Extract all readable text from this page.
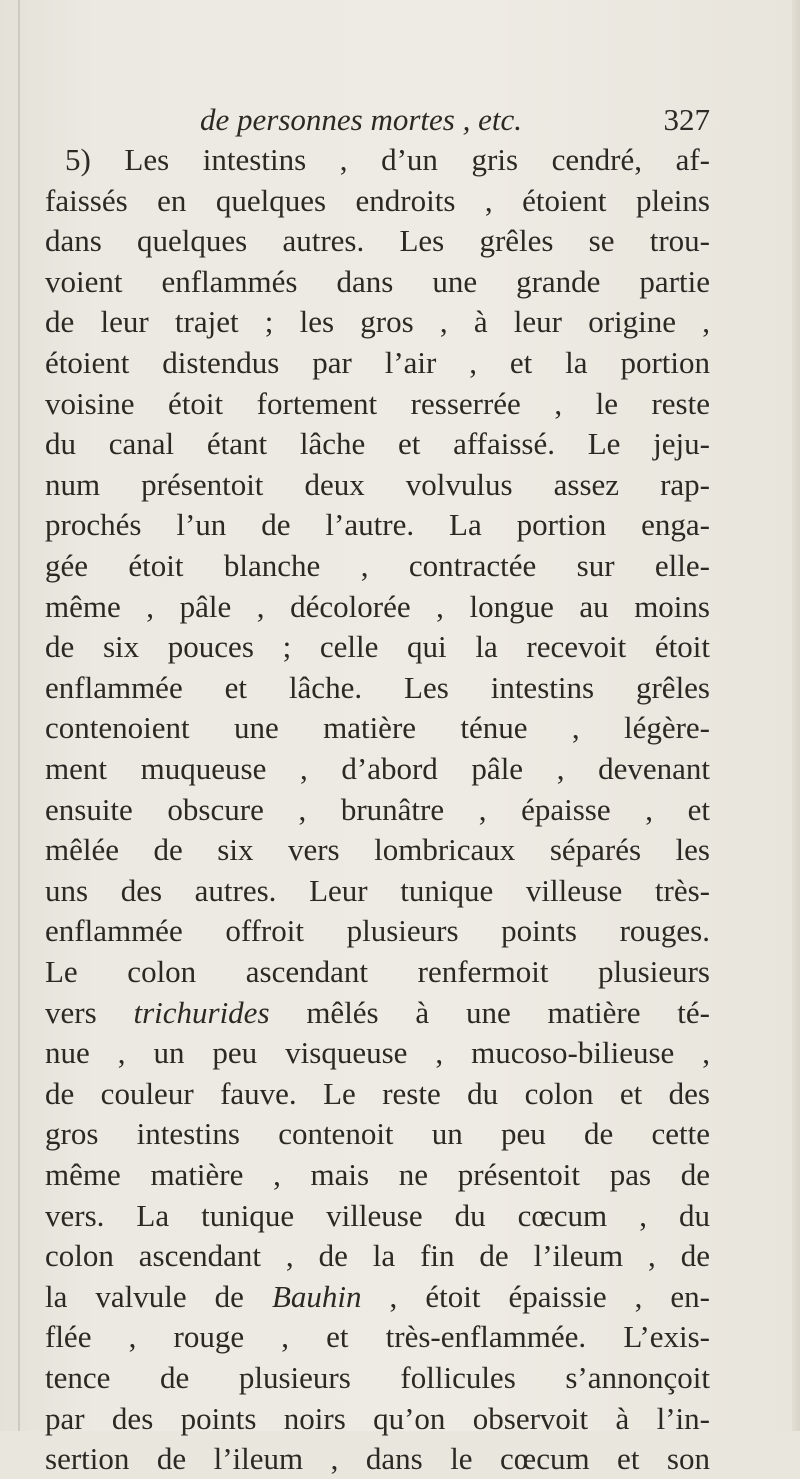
de personnes mortes , etc.	327
5) Les intestins , d’un gris cendré, af-
faissés en quelques endroits , étoient pleins
dans quelques autres. Les grêles se trou-
voient enflammés dans une grande partie
de leur trajet ; les gros , à leur origine ,
étoient distendus par l’air , et la portion
voisine étoit fortement resserrée , le reste
du canal étant lâche et affaissé. Le jeju-
num présentoit deux volvulus assez rap-
prochés l’un de l’autre. La portion enga-
gée étoit blanche , contractée sur elle-
même , pâle , décolorée , longue au moins
de six pouces ; celle qui la recevoit étoit
enflammée et lâche. Les intestins grêles
contenoient une matière ténue , légère-
ment muqueuse , d’abord pâle , devenant
ensuite obscure , brunâtre , épaisse , et
mêlée de six vers lombricaux séparés les
uns des autres. Leur tunique villeuse très-
enflammée offroit plusieurs points rouges.
Le colon ascendant renfermoit plusieurs
vers trichurides mêlés à une matière té-
nue , un peu visqueuse , mucoso-bilieuse ,
de couleur fauve. Le reste du colon et des
gros intestins contenoit un peu de cette
même matière , mais ne présentoit pas de
vers. La tunique villeuse du cœcum , du
colon ascendant , de la fin de l’ileum , de
la valvule de Bauhin , étoit épaissie , en-
flée , rouge , et très-enflammée. L’exis-
tence de plusieurs follicules s’annonçoit
par des points noirs qu’on observoit à l’in-
sertion de l’ileum , dans le cœcum et son
